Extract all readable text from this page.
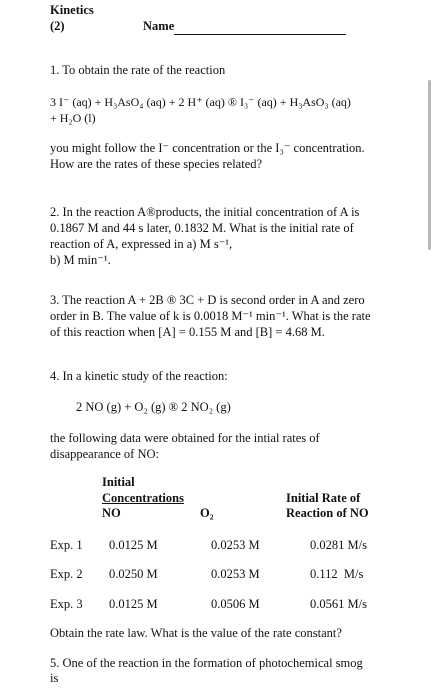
Kinetics
(2)	Name
1. To obtain the rate of the reaction
3 I⁻ (aq) + H₃AsO₄ (aq) + 2 H⁺ (aq) ® I₃⁻ (aq) + H₃AsO₃ (aq)
+ H₂O (l)
you might follow the I⁻ concentration or the I₃⁻ concentration.
How are the rates of these species related?
2. In the reaction A®products, the initial concentration of A is
0.1867 M and 44 s later, 0.1832 M. What is the initial rate of
reaction of A, expressed in a) M s⁻¹,
b) M min⁻¹.
3. The reaction A + 2B ® 3C + D is second order in A and zero
order in B. The value of k is 0.0018 M⁻¹ min⁻¹. What is the rate
of this reaction when [A] = 0.155 M and [B] = 4.68 M.
4. In a kinetic study of the reaction:
2 NO (g) + O₂ (g) ® 2 NO₂ (g)
the following data were obtained for the intial rates of
disappearance of NO:
Initial
Concentrations
NO	O₂
Initial Rate of
Reaction of NO
Exp. 1 0.0125 M	0.0253 M	0.0281 M/s
Exp. 2 0.0250 M	0.0253 M	0.112  M/s
Exp. 3 0.0125 M	0.0506 M	0.0561 M/s
Obtain the rate law. What is the value of the rate constant?
5. One of the reaction in the formation of photochemical smog
is
